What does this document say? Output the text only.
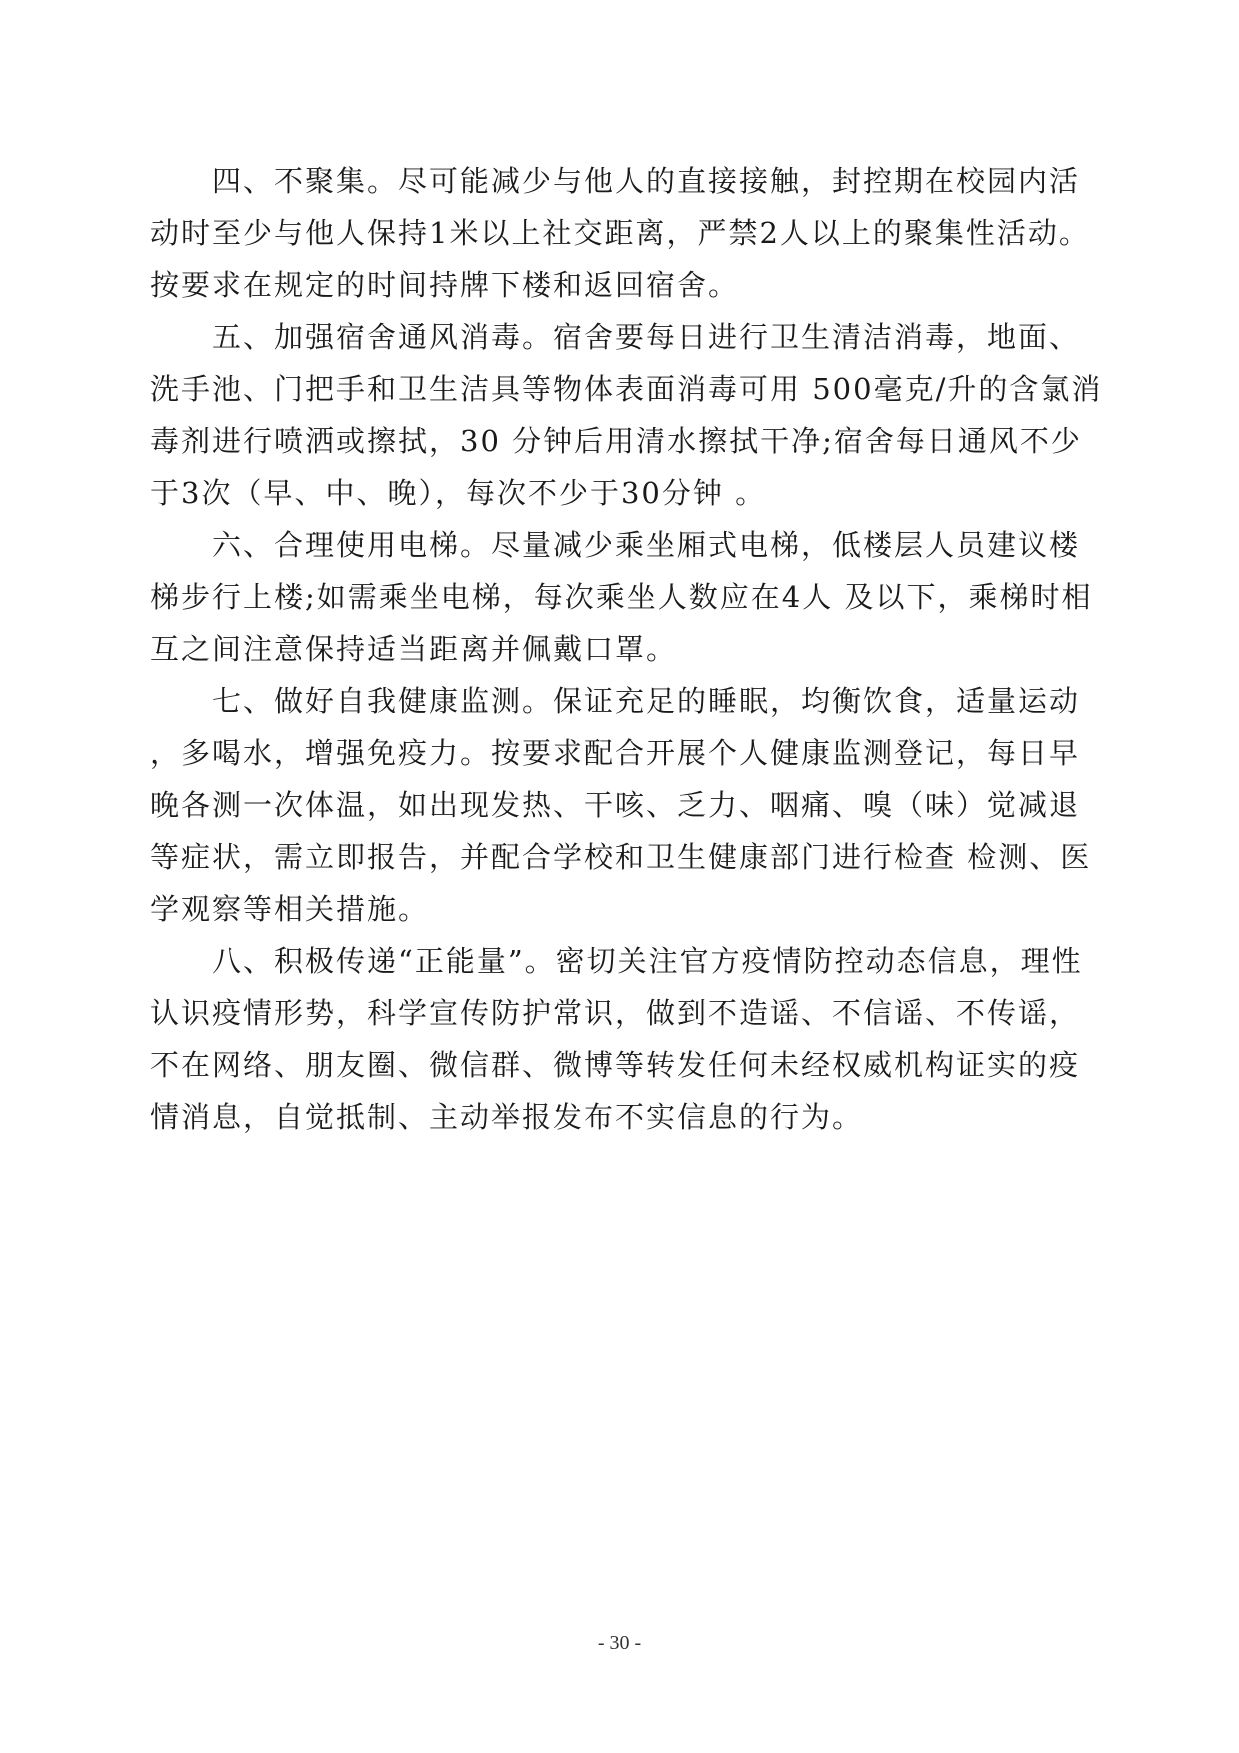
四、不聚集。尽可能减少与他人的直接接触，封控期在校园内活
动时至少与他人保持1米以上社交距离，严禁2人以上的聚集性活动。
按要求在规定的时间持牌下楼和返回宿舍。

五、加强宿舍通风消毒。宿舍要每日进行卫生清洁消毒，地面、
洗手池、门把手和卫生洁具等物体表面消毒可用 500毫克/升的含氯消
毒剂进行喷洒或擦拭，30 分钟后用清水擦拭干净;宿舍每日通风不少
于3次（早、中、晚），每次不少于30分钟 。

六、合理使用电梯。尽量减少乘坐厢式电梯，低楼层人员建议楼
梯步行上楼;如需乘坐电梯，每次乘坐人数应在4人 及以下，乘梯时相
互之间注意保持适当距离并佩戴口罩。

七、做好自我健康监测。保证充足的睡眠，均衡饮食，适量运动
，多喝水，增强免疫力。按要求配合开展个人健康监测登记，每日早
晚各测一次体温，如出现发热、干咳、乏力、咽痛、嗅（味）觉减退
等症状，需立即报告，并配合学校和卫生健康部门进行检查 检测、医
学观察等相关措施。

八、积极传递“正能量”。密切关注官方疫情防控动态信息，理性
认识疫情形势，科学宣传防护常识，做到不造谣、不信谣、不传谣，
不在网络、朋友圈、微信群、微博等转发任何未经权威机构证实的疫
情消息，自觉抵制、主动举报发布不实信息的行为。

- 30 -
